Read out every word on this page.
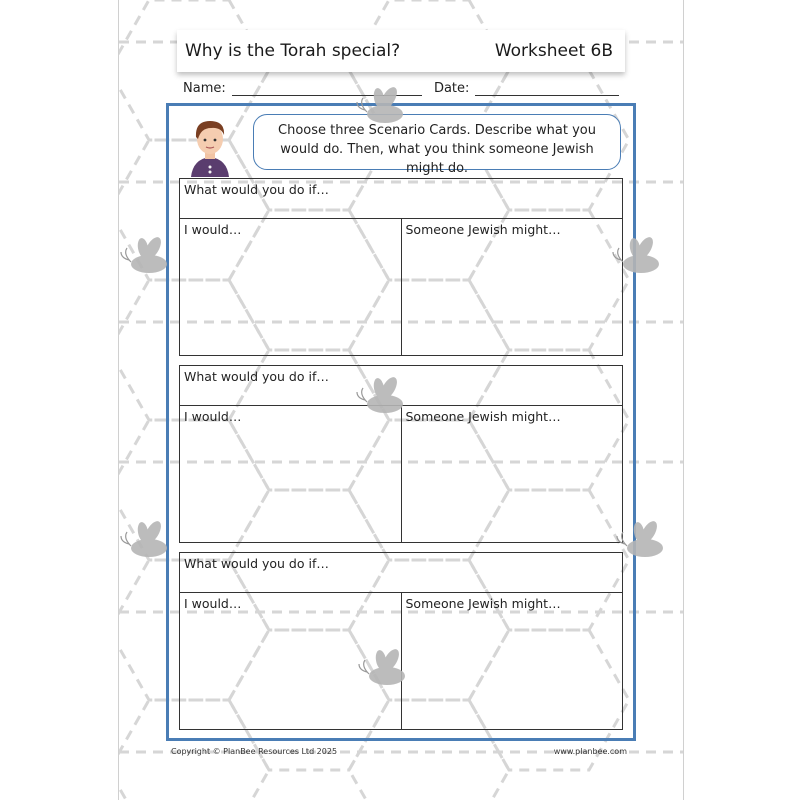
Why is the Torah special?	Worksheet 6B
Name:	Date:
Choose three Scenario Cards. Describe what you would do. Then, what you think someone Jewish might do.
What would you do if…
I would…	Someone Jewish might…
What would you do if…
I would…	Someone Jewish might…
What would you do if…
I would…	Someone Jewish might…
Copyright © PlanBee Resources Ltd 2025	www.planbee.com
